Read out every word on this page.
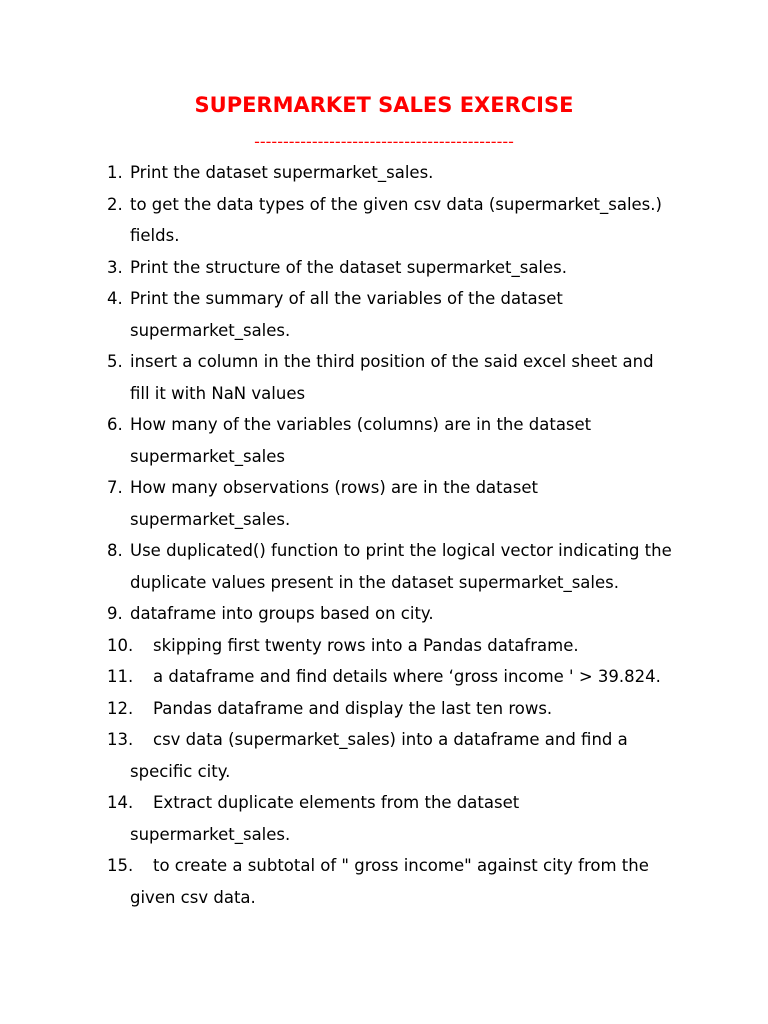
SUPERMARKET SALES EXERCISE
---------------------------------------------
1. Print the dataset supermarket_sales.
2. to get the data types of the given csv data (supermarket_sales.)
fields.
3. Print the structure of the dataset supermarket_sales.
4. Print the summary of all the variables of the dataset
supermarket_sales.
5. insert a column in the third position of the said excel sheet and
fill it with NaN values
6. How many of the variables (columns) are in the dataset
supermarket_sales
7. How many observations (rows) are in the dataset
supermarket_sales.
8. Use duplicated() function to print the logical vector indicating the
duplicate values present in the dataset supermarket_sales.
9. dataframe into groups based on city.
10. skipping first twenty rows into a Pandas dataframe.
11. a dataframe and find details where ‘gross income ' > 39.824.
12. Pandas dataframe and display the last ten rows.
13. csv data (supermarket_sales) into a dataframe and find a
specific city.
14. Extract duplicate elements from the dataset
supermarket_sales.
15. to create a subtotal of " gross income" against city from the
given csv data.
